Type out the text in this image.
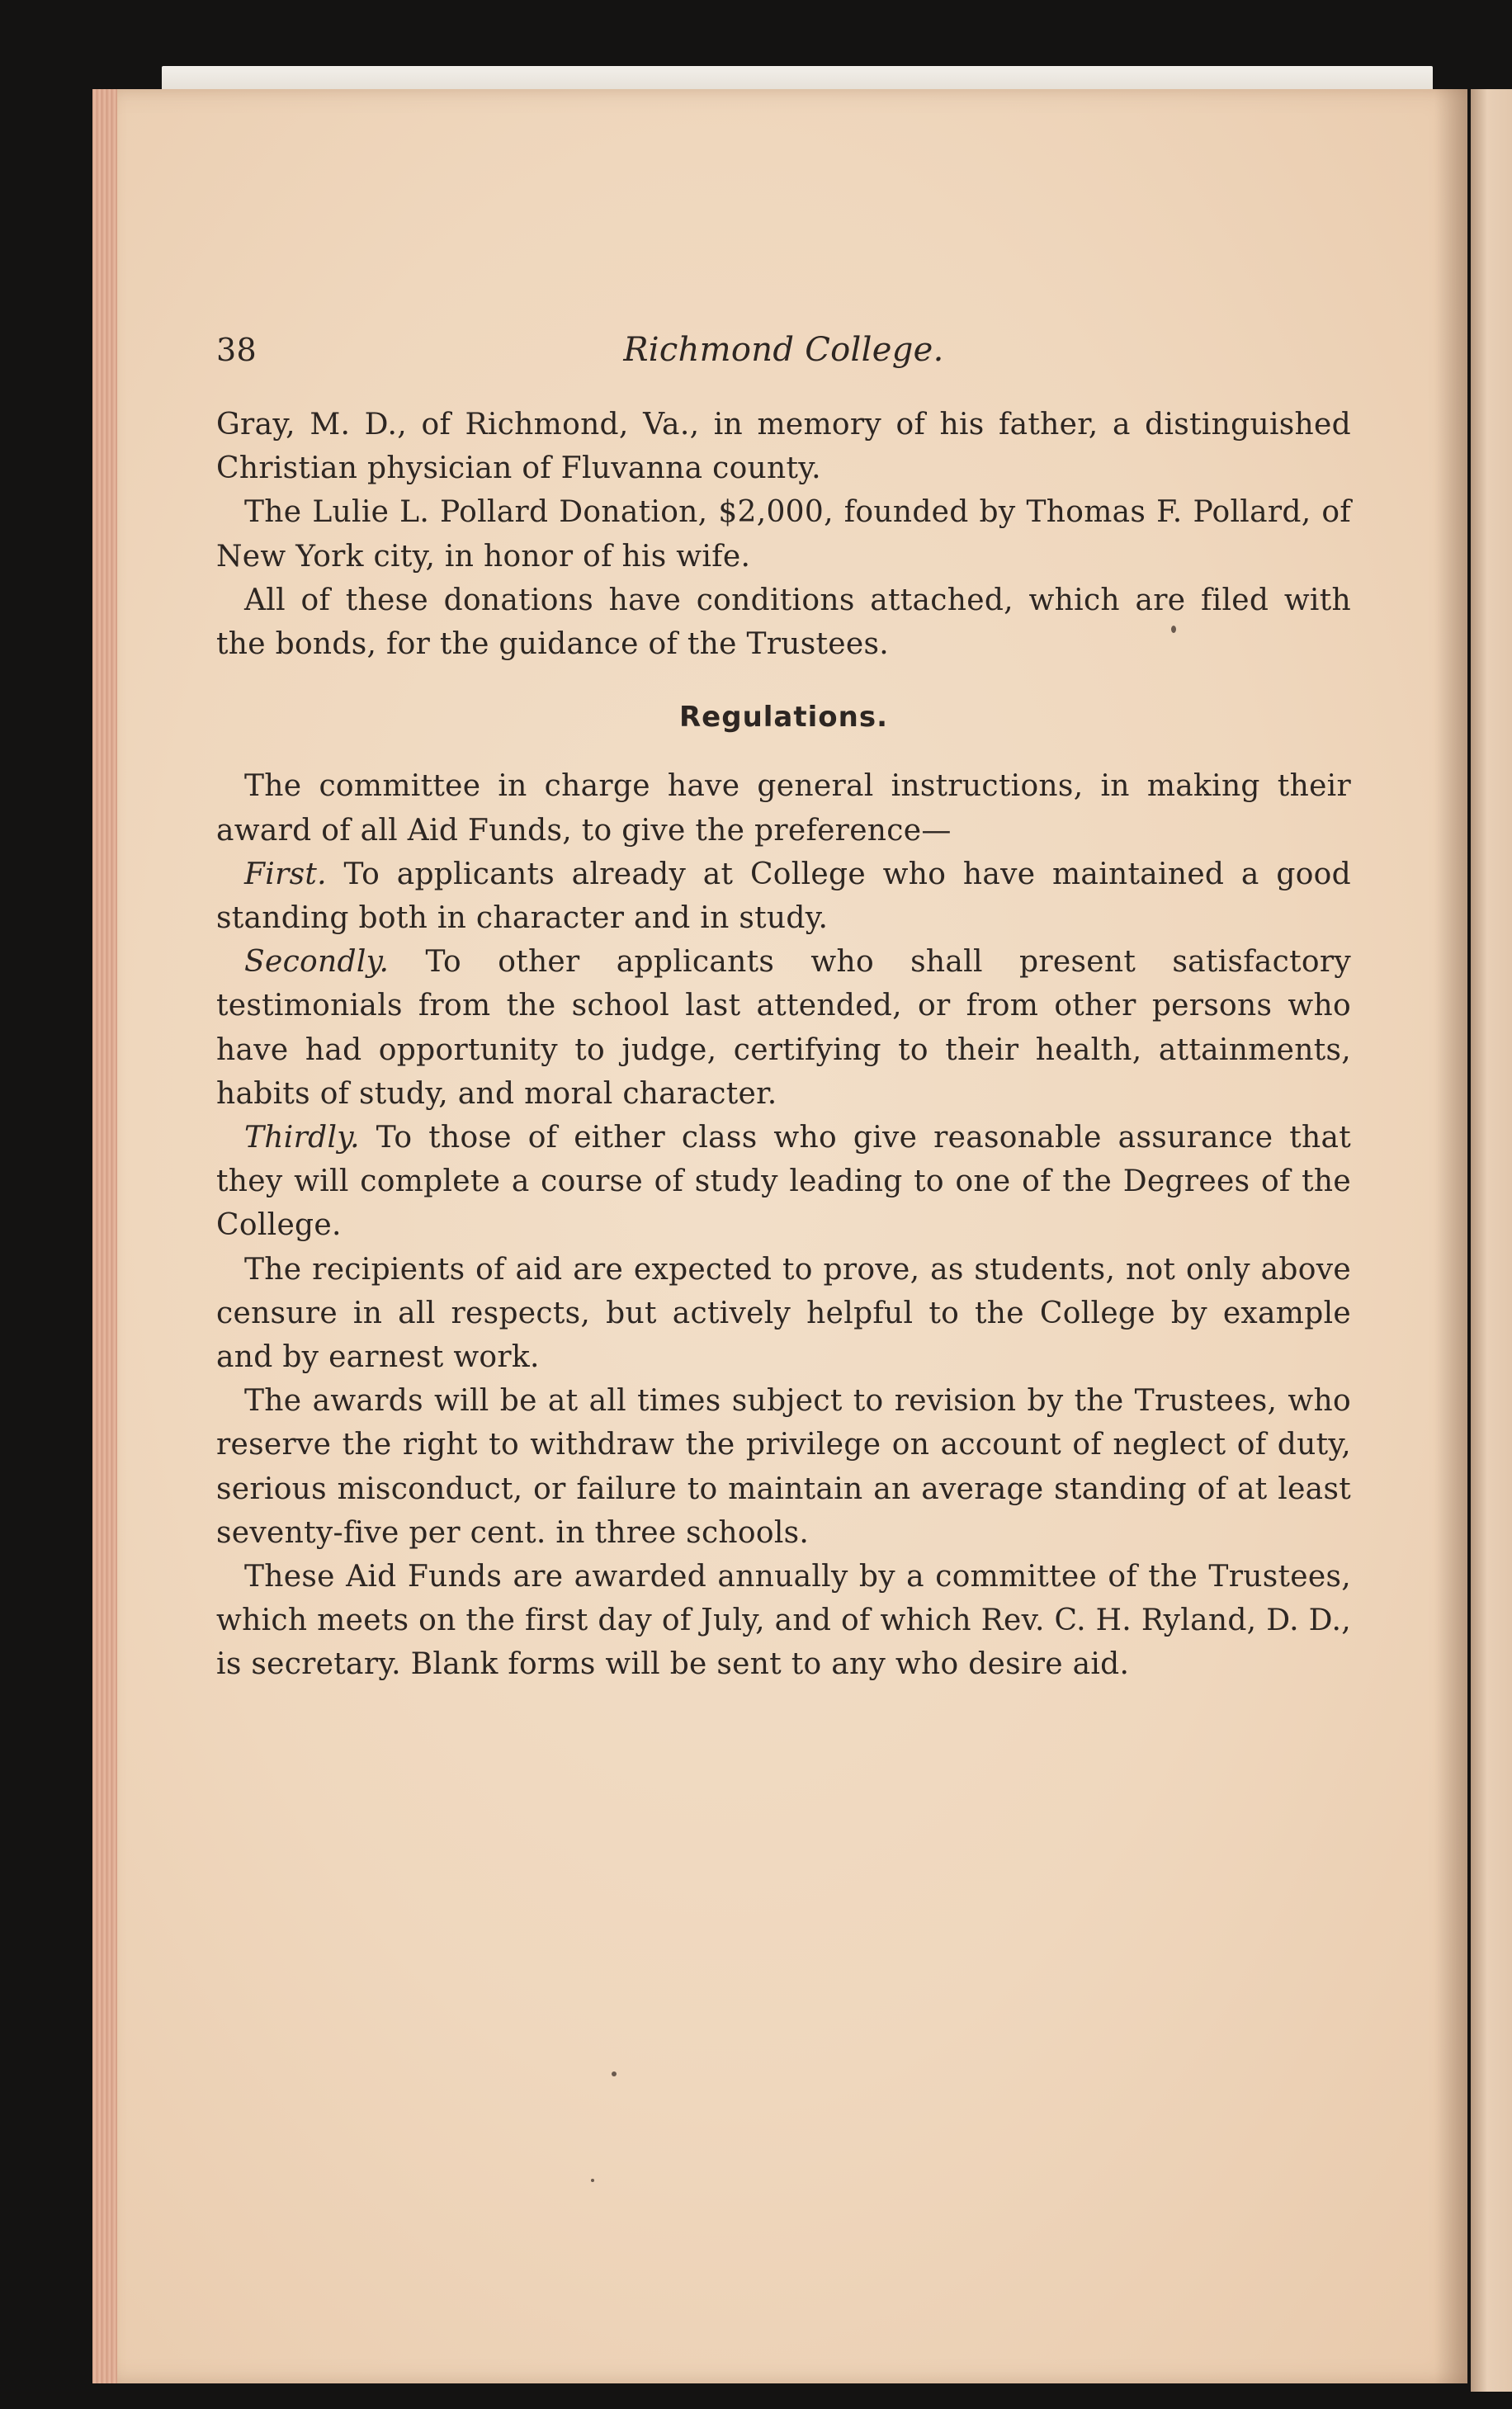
38	Richmond College.

Gray, M. D., of Richmond, Va., in memory of his father, a distinguished Christian physician of Fluvanna county.

The Lulie L. Pollard Donation, $2,000, founded by Thomas F. Pollard, of New York city, in honor of his wife.

All of these donations have conditions attached, which are filed with the bonds, for the guidance of the Trustees.

Regulations.

The committee in charge have general instructions, in making their award of all Aid Funds, to give the preference—

First. To applicants already at College who have maintained a good standing both in character and in study.

Secondly. To other applicants who shall present satisfactory testimonials from the school last attended, or from other persons who have had opportunity to judge, certifying to their health, attainments, habits of study, and moral character.

Thirdly. To those of either class who give reasonable assurance that they will complete a course of study leading to one of the Degrees of the College.

The recipients of aid are expected to prove, as students, not only above censure in all respects, but actively helpful to the College by example and by earnest work.

The awards will be at all times subject to revision by the Trustees, who reserve the right to withdraw the privilege on account of neglect of duty, serious misconduct, or failure to maintain an average standing of at least seventy-five per cent. in three schools.

These Aid Funds are awarded annually by a committee of the Trustees, which meets on the first day of July, and of which Rev. C. H. Ryland, D. D., is secretary. Blank forms will be sent to any who desire aid.
